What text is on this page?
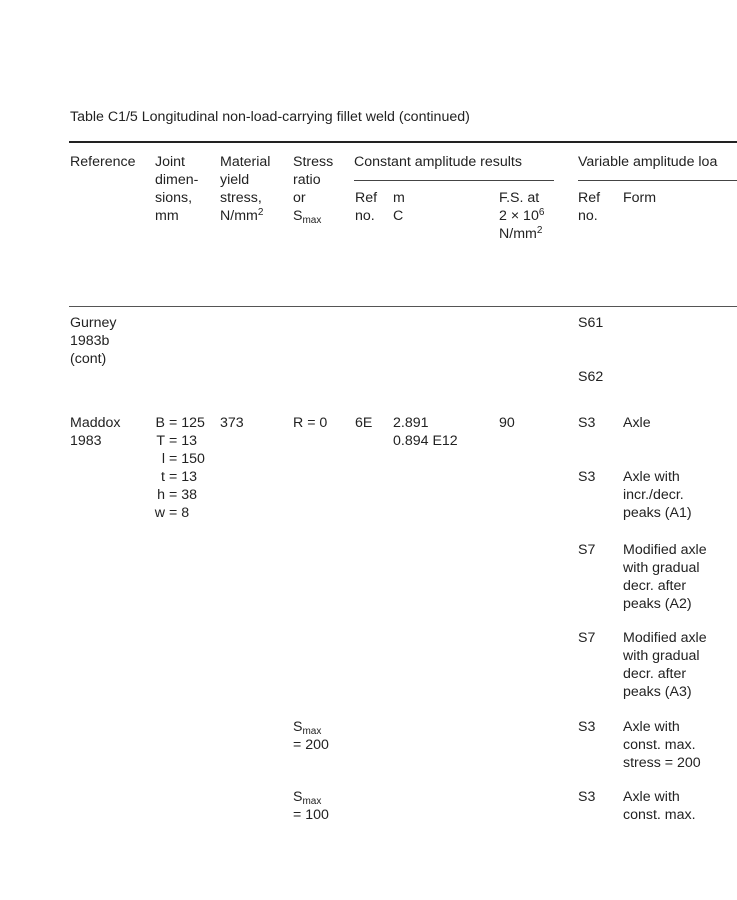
Table C1/5 Longitudinal non-load-carrying fillet weld (continued)
Reference Joint
dimen-
sions,
mm
Material
yield
stress,
$N/mm^2$
Stress
ratio
or
$S_{max}$
Constant amplitude results
Ref
no.
m
C
F.S. at
$2 \times 10^6$
$N/mm^2$
Variable amplitude loa
Ref
no.
Form
Gurney
1983b
(cont)
S61
S62
Maddox
1983
B = 125
T = 13
l = 150
t = 13
h = 38
w = 8
373	R = 0 6E 2.891
0.894 E12
90	S3 Axle
S3 Axle with
incr./decr.
peaks (A1)
S7 Modified axle
with gradual
decr. after
peaks (A2)
S7 Modified axle
with gradual
decr. after
peaks (A3)
$S_{max}$
= 200
S3 Axle with
const. max.
stress = 200
$S_{max}$
= 100
S3 Axle with
const. max.
